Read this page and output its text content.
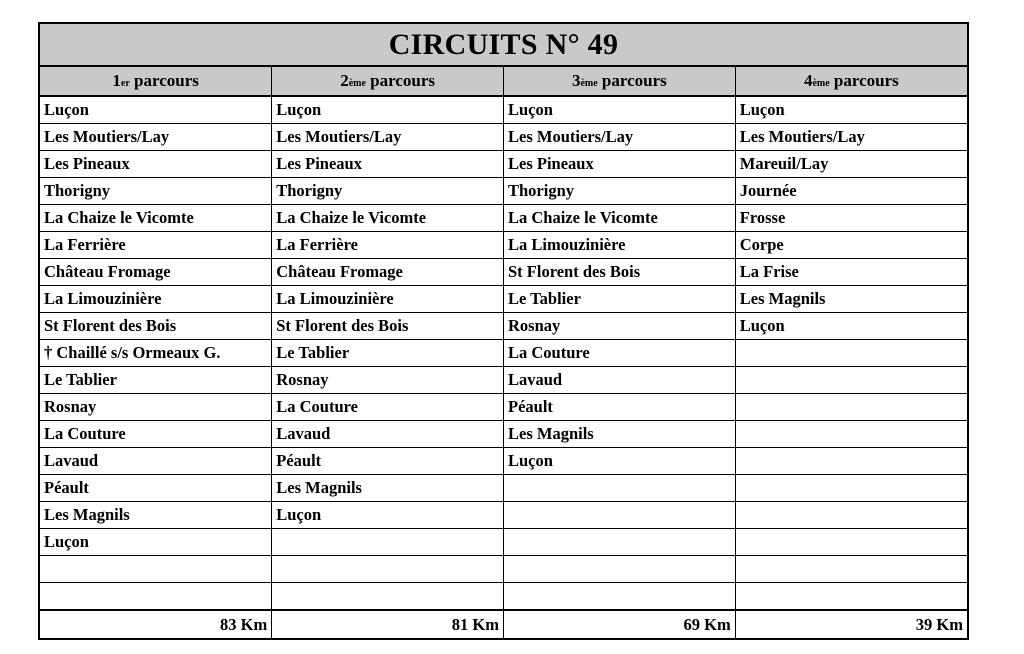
CIRCUITS N° 49
1 er parcours	2 ème parcours	3 ème parcours	4 ème parcours
Luçon	Luçon	Luçon	Luçon
Les Moutiers/Lay	Les Moutiers/Lay	Les Moutiers/Lay	Les Moutiers/Lay
Les Pineaux	Les Pineaux	Les Pineaux	Mareuil/Lay
Thorigny	Thorigny	Thorigny	Journée
La Chaize le Vicomte	La Chaize le Vicomte	La Chaize le Vicomte	Frosse
La Ferrière	La Ferrière	La Limouzinière	Corpe
Château Fromage	Château Fromage	St Florent des Bois	La Frise
La Limouzinière	La Limouzinière	Le Tablier	Les Magnils
St Florent des Bois	St Florent des Bois	Rosnay	Luçon
† Chaillé s/s Ormeaux G.	Le Tablier	La Couture	
Le Tablier	Rosnay	Lavaud	
Rosnay	La Couture	Péault	
La Couture	Lavaud	Les Magnils	
Lavaud	Péault	Luçon	
Péault	Les Magnils		
Les Magnils	Luçon		
Luçon			

83 Km	81 Km	69 Km	39 Km
